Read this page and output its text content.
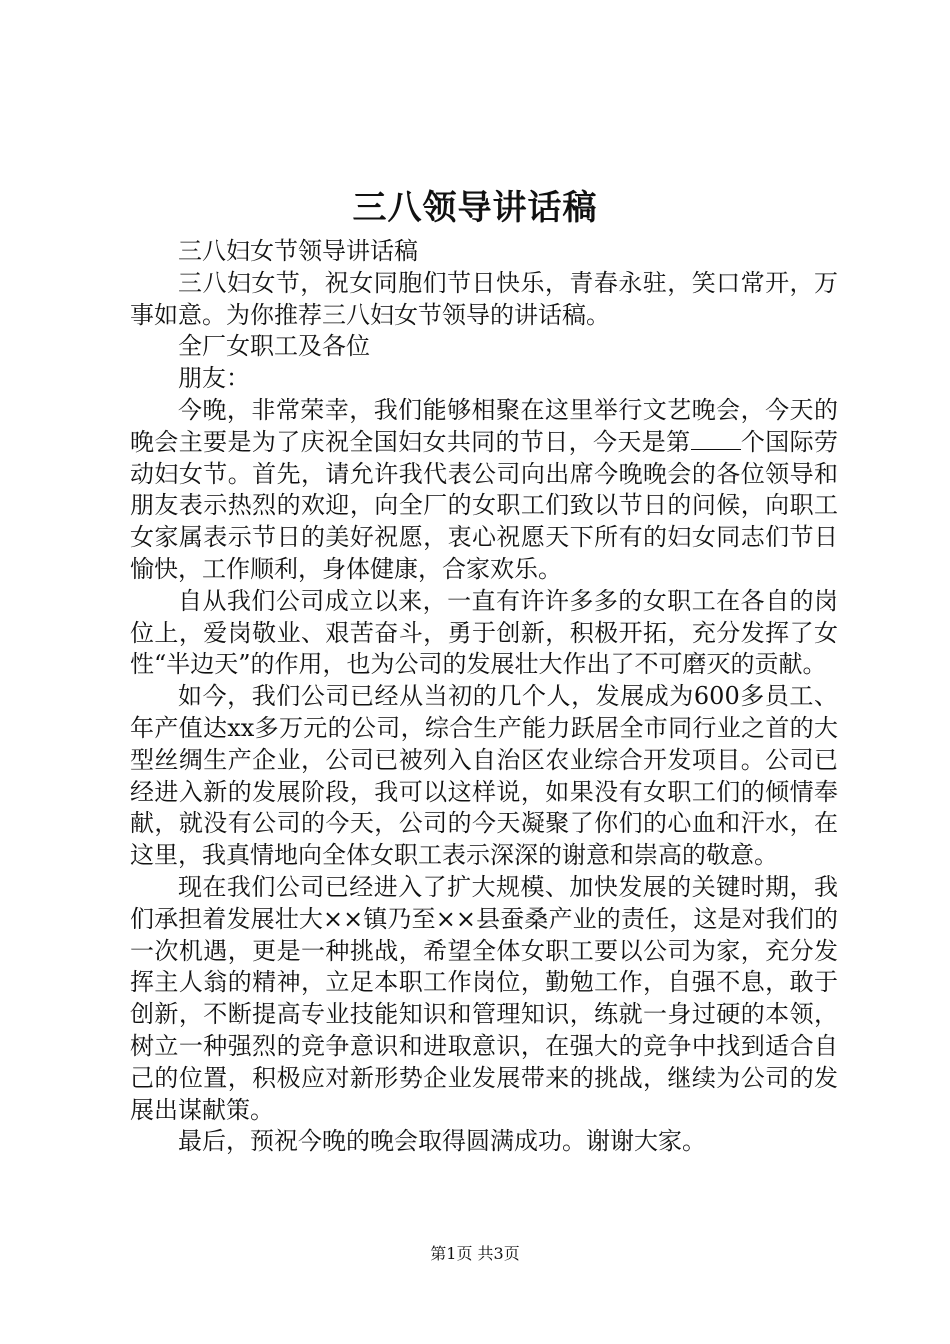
三八领导讲话稿

三八妇女节领导讲话稿

三八妇女节，祝女同胞们节日快乐，青春永驻，笑口常开，万事如意。为你推荐三八妇女节领导的讲话稿。

全厂女职工及各位

朋友：

今晚，非常荣幸，我们能够相聚在这里举行文艺晚会，今天的晚会主要是为了庆祝全国妇女共同的节日，今天是第 个国际劳动妇女节。首先，请允许我代表公司向出席今晚晚会的各位领导和朋友表示热烈的欢迎，向全厂的女职工们致以节日的问候，向职工女家属表示节日的美好祝愿，衷心祝愿天下所有的妇女同志们节日愉快，工作顺利，身体健康，合家欢乐。

自从我们公司成立以来，一直有许许多多的女职工在各自的岗位上，爱岗敬业、艰苦奋斗，勇于创新，积极开拓，充分发挥了女性“半边天”的作用，也为公司的发展壮大作出了不可磨灭的贡献。

如今，我们公司已经从当初的几个人，发展成为600多员工、年产值达xx多万元的公司，综合生产能力跃居全市同行业之首的大型丝绸生产企业，公司已被列入自治区农业综合开发项目。公司已经进入新的发展阶段，我可以这样说，如果没有女职工们的倾情奉献，就没有公司的今天，公司的今天凝聚了你们的心血和汗水，在这里，我真情地向全体女职工表示深深的谢意和崇高的敬意。

现在我们公司已经进入了扩大规模、加快发展的关键时期，我们承担着发展壮大××镇乃至××县蚕桑产业的责任，这是对我们的一次机遇，更是一种挑战，希望全体女职工要以公司为家，充分发挥主人翁的精神，立足本职工作岗位，勤勉工作，自强不息，敢于创新，不断提高专业技能知识和管理知识，练就一身过硬的本领，树立一种强烈的竞争意识和进取意识，在强大的竞争中找到适合自己的位置，积极应对新形势企业发展带来的挑战，继续为公司的发展出谋献策。

最后，预祝今晚的晚会取得圆满成功。谢谢大家。

第1页 共3页
